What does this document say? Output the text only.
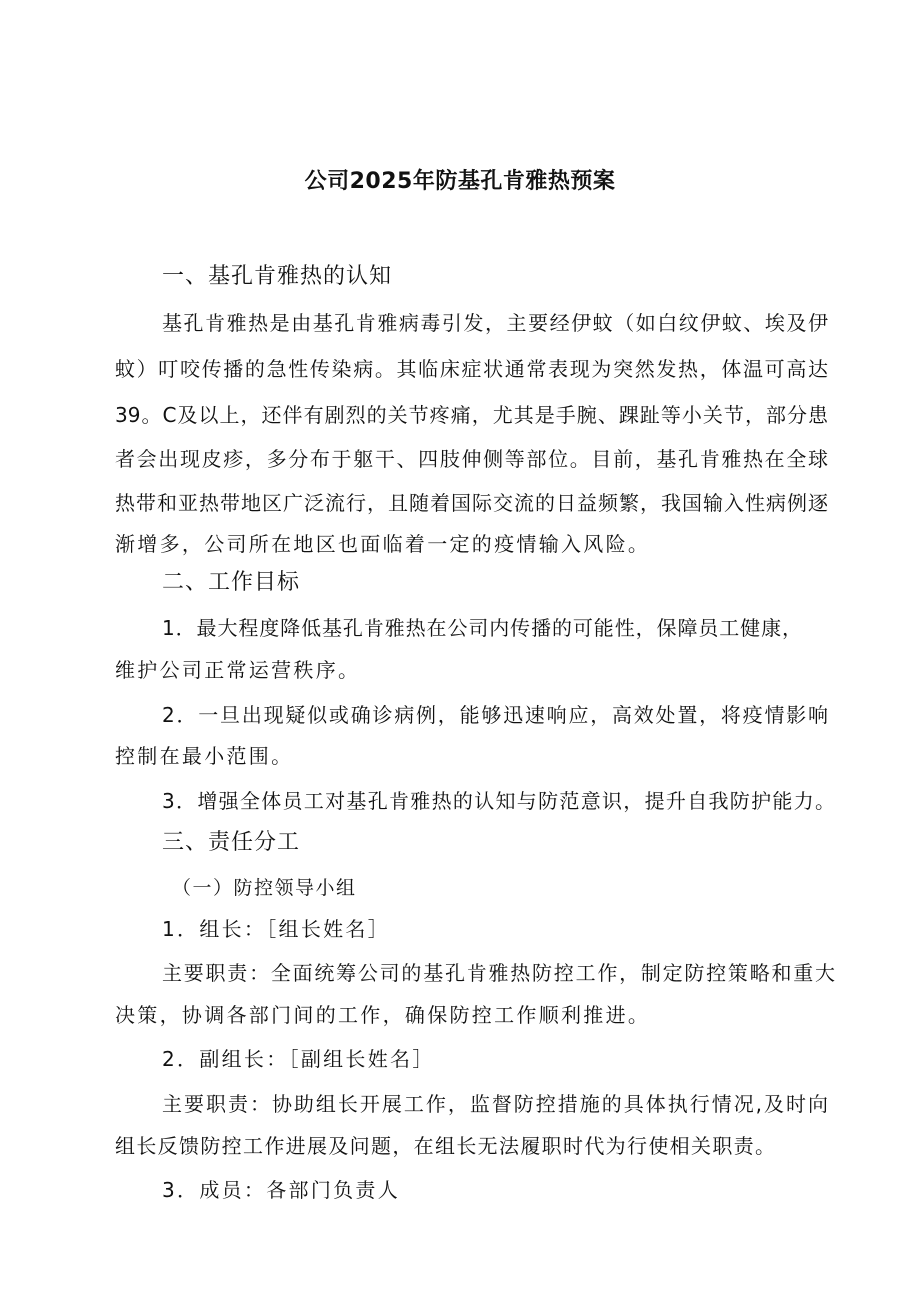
公司2025年防基孔肯雅热预案
一、基孔肯雅热的认知
基孔肯雅热是由基孔肯雅病毒引发，主要经伊蚊（如白纹伊蚊、埃及伊
蚊）叮咬传播的急性传染病。其临床症状通常表现为突然发热，体温可高达
39。C及以上，还伴有剧烈的关节疼痛，尤其是手腕、踝趾等小关节，部分患
者会出现皮疹，多分布于躯干、四肢伸侧等部位。目前，基孔肯雅热在全球
热带和亚热带地区广泛流行，且随着国际交流的日益频繁，我国输入性病例逐
渐增多，公司所在地区也面临着一定的疫情输入风险。
二、工作目标
1．最大程度降低基孔肯雅热在公司内传播的可能性，保障员工健康，
维护公司正常运营秩序。
2．一旦出现疑似或确诊病例，能够迅速响应，高效处置，将疫情影响
控制在最小范围。
3．增强全体员工对基孔肯雅热的认知与防范意识，提升自我防护能力。
三、责任分工
（一）防控领导小组
1．组长：［组长姓名］
主要职责：全面统筹公司的基孔肯雅热防控工作，制定防控策略和重大
决策，协调各部门间的工作，确保防控工作顺利推进。
2．副组长：［副组长姓名］
主要职责：协助组长开展工作，监督防控措施的具体执行情况,及时向
组长反馈防控工作进展及问题，在组长无法履职时代为行使相关职责。
3．成员：各部门负责人
